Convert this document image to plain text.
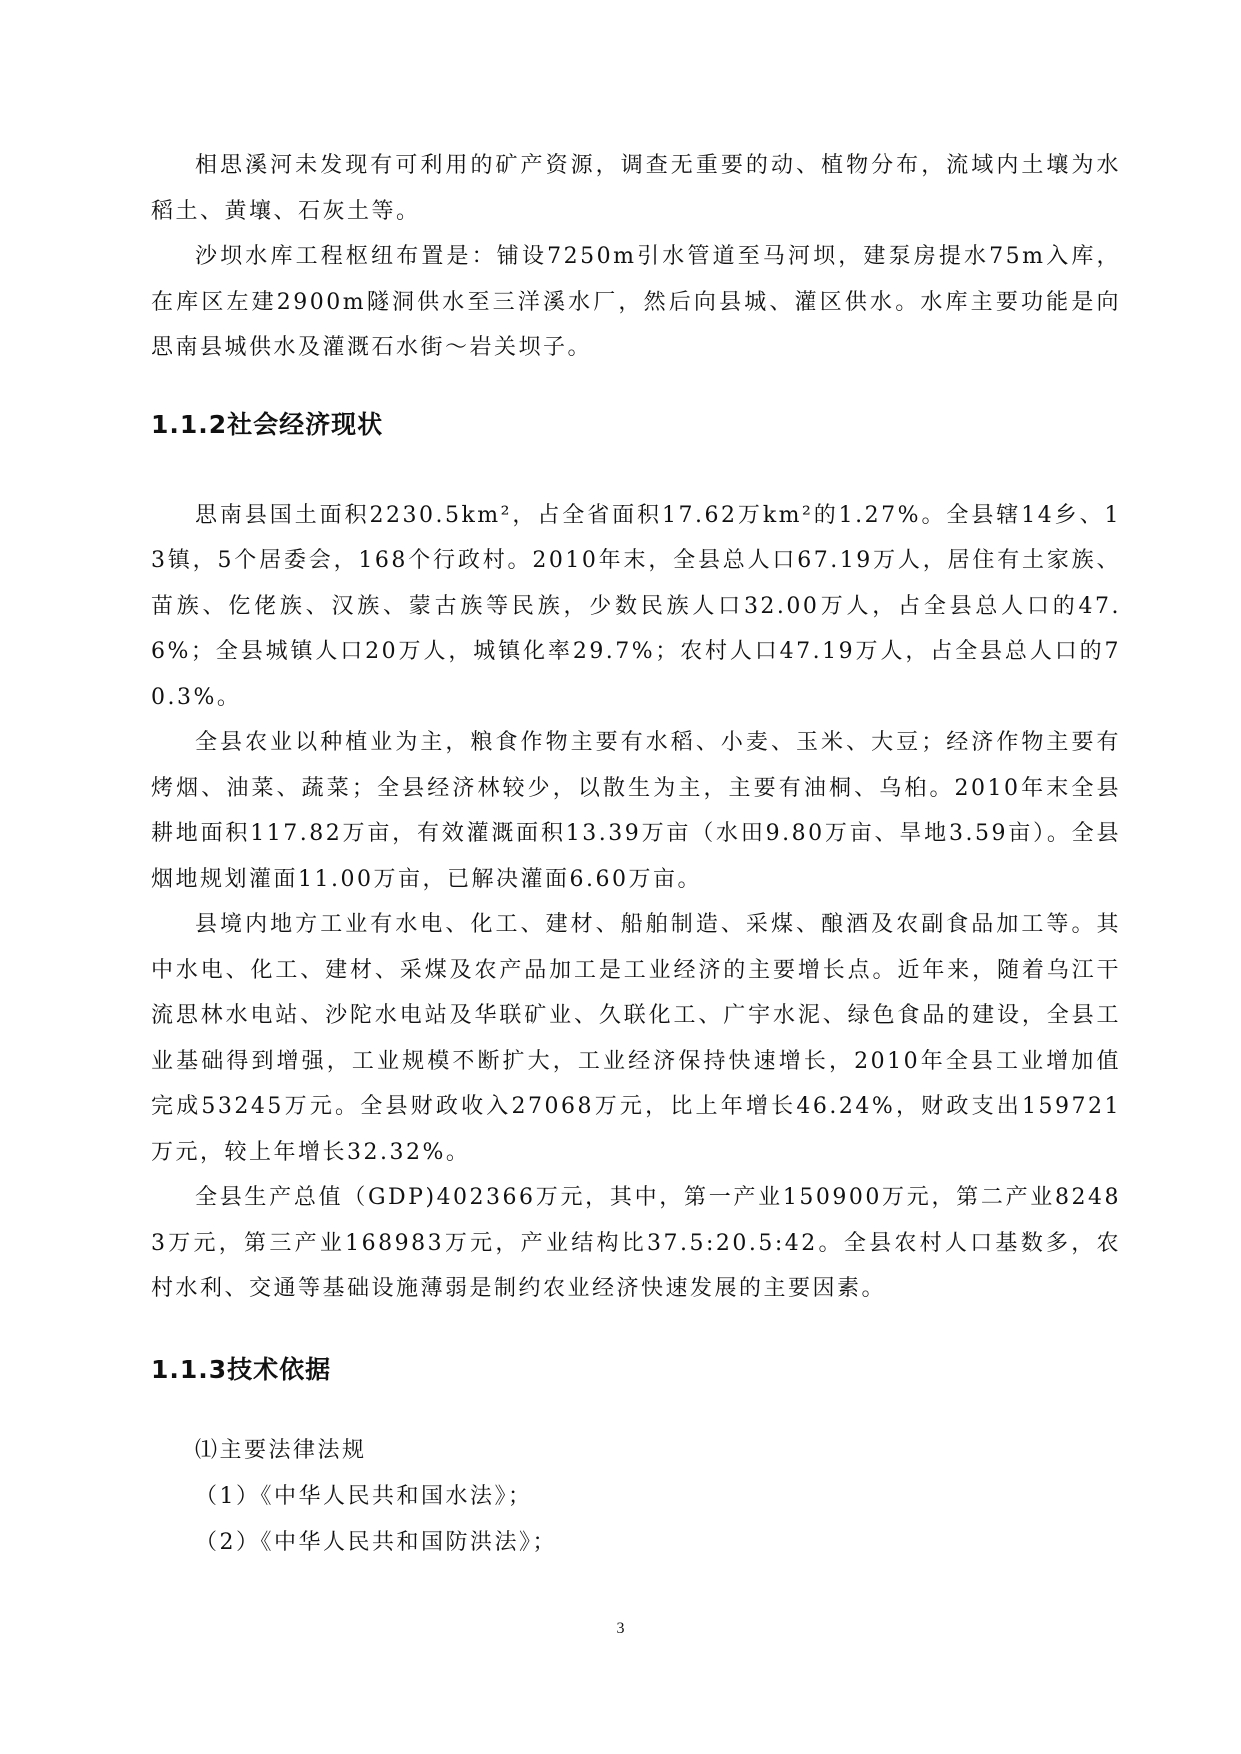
相思溪河未发现有可利用的矿产资源，调查无重要的动、植物分布，流域内土壤为水稻土、黄壤、石灰土等。

沙坝水库工程枢纽布置是：铺设7250m引水管道至马河坝，建泵房提水75m入库，在库区左建2900m隧洞供水至三洋溪水厂，然后向县城、灌区供水。水库主要功能是向思南县城供水及灌溉石水街～岩关坝子。

1.1.2社会经济现状

思南县国土面积2230.5km²，占全省面积17.62万km²的1.27%。全县辖14乡、13镇，5个居委会，168个行政村。2010年末，全县总人口67.19万人，居住有土家族、苗族、仡佬族、汉族、蒙古族等民族，少数民族人口32.00万人，占全县总人口的47.6%；全县城镇人口20万人，城镇化率29.7%；农村人口47.19万人，占全县总人口的70.3%。

全县农业以种植业为主，粮食作物主要有水稻、小麦、玉米、大豆；经济作物主要有烤烟、油菜、蔬菜；全县经济林较少，以散生为主，主要有油桐、乌桕。2010年末全县耕地面积117.82万亩，有效灌溉面积13.39万亩（水田9.80万亩、旱地3.59亩）。全县烟地规划灌面11.00万亩，已解决灌面6.60万亩。

县境内地方工业有水电、化工、建材、船舶制造、采煤、酿酒及农副食品加工等。其中水电、化工、建材、采煤及农产品加工是工业经济的主要增长点。近年来，随着乌江干流思林水电站、沙陀水电站及华联矿业、久联化工、广宇水泥、绿色食品的建设，全县工业基础得到增强，工业规模不断扩大，工业经济保持快速增长，2010年全县工业增加值完成53245万元。全县财政收入27068万元，比上年增长46.24%，财政支出159721万元，较上年增长32.32%。

全县生产总值（GDP)402366万元，其中，第一产业150900万元，第二产业82483万元，第三产业168983万元，产业结构比37.5:20.5:42。全县农村人口基数多，农村水利、交通等基础设施薄弱是制约农业经济快速发展的主要因素。

1.1.3技术依据

⑴主要法律法规

（1）《中华人民共和国水法》；

（2）《中华人民共和国防洪法》；

3
